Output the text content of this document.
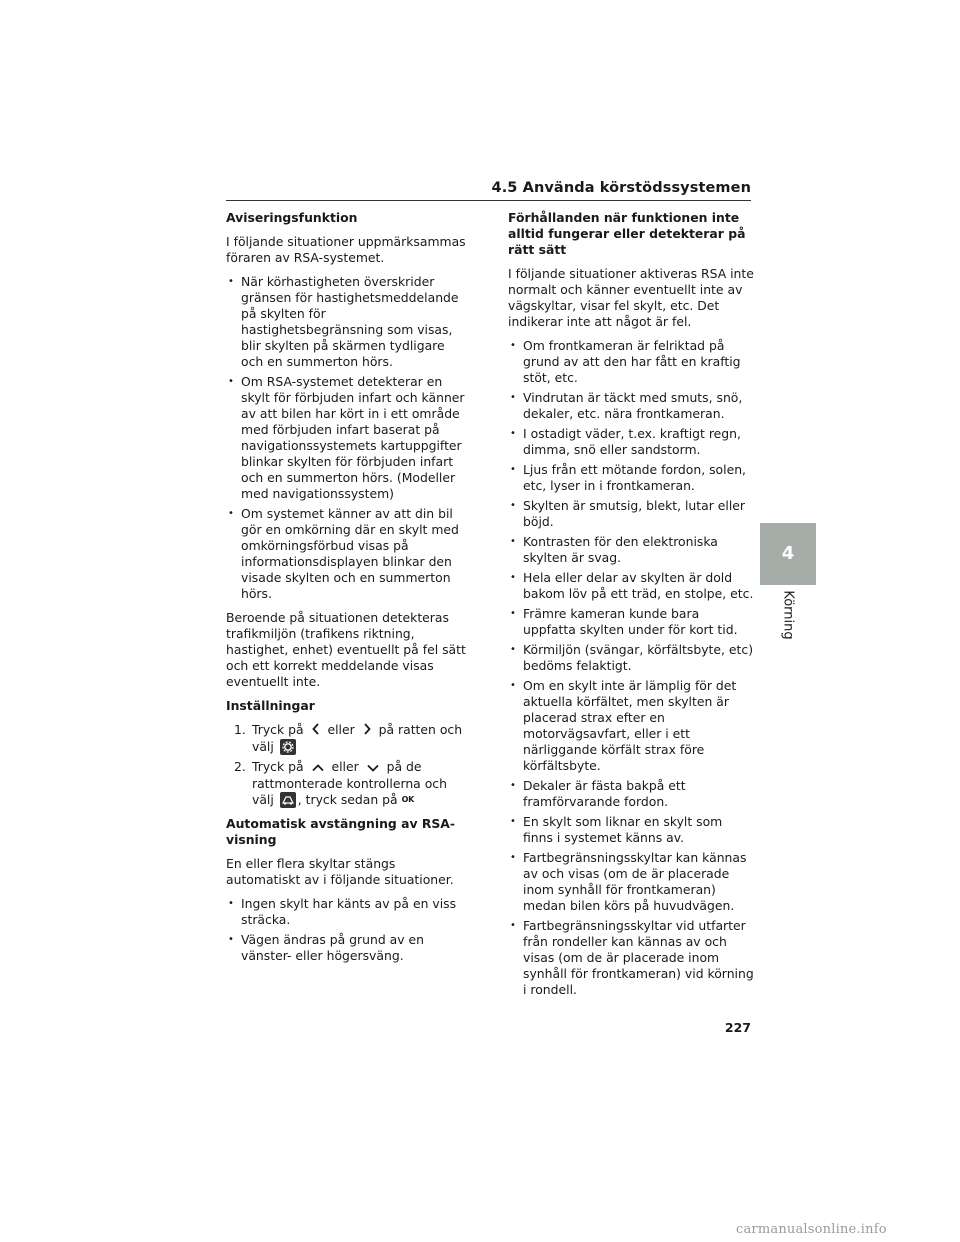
4.5 Använda körstödssystemen
Aviseringsfunktion

I följande situationer uppmärksammas föraren av RSA-systemet.

• När körhastigheten överskrider gränsen för hastighetsmeddelande på skylten för hastighetsbegränsning som visas, blir skylten på skärmen tydligare och en summerton hörs.
• Om RSA-systemet detekterar en skylt för förbjuden infart och känner av att bilen har kört in i ett område med förbjuden infart baserat på navigationssystemets kartuppgifter blinkar skylten för förbjuden infart och en summerton hörs. (Modeller med navigationssystem)
• Om systemet känner av att din bil gör en omkörning där en skylt med omkörningsförbud visas på informationsdisplayen blinkar den visade skylten och en summerton hörs.

Beroende på situationen detekteras trafikmiljön (trafikens riktning, hastighet, enhet) eventuellt på fel sätt och ett korrekt meddelande visas eventuellt inte.

Inställningar
1. Tryck på eller på ratten och välj
2. Tryck på eller på de rattmonterade kontrollerna och välj , tryck sedan på OK
Automatisk avstängning av RSA-visning

En eller flera skyltar stängs automatiskt av i följande situationer.

• Ingen skylt har känts av på en viss sträcka.
• Vägen ändras på grund av en vänster- eller högersväng.
Förhållanden när funktionen inte alltid fungerar eller detekterar på rätt sätt

I följande situationer aktiveras RSA inte normalt och känner eventuellt inte av vägskyltar, visar fel skylt, etc. Det indikerar inte att något är fel.

• Om frontkameran är felriktad på grund av att den har fått en kraftig stöt, etc.
• Vindrutan är täckt med smuts, snö, dekaler, etc. nära frontkameran.
• I ostadigt väder, t.ex. kraftigt regn, dimma, snö eller sandstorm.
• Ljus från ett mötande fordon, solen, etc, lyser in i frontkameran.
• Skylten är smutsig, blekt, lutar eller böjd.
• Kontrasten för den elektroniska skylten är svag.
• Hela eller delar av skylten är dold bakom löv på ett träd, en stolpe, etc.
• Främre kameran kunde bara uppfatta skylten under för kort tid.
• Körmiljön (svängar, körfältsbyte, etc) bedöms felaktigt.
• Om en skylt inte är lämplig för det aktuella körfältet, men skylten är placerad strax efter en motorvägsavfart, eller i ett närliggande körfält strax före körfältsbyte.
• Dekaler är fästa bakpå ett framförvarande fordon.
• En skylt som liknar en skylt som finns i systemet känns av.
• Fartbegränsningsskyltar kan kännas av och visas (om de är placerade inom synhåll för frontkameran) medan bilen körs på huvudvägen.
• Fartbegränsningsskyltar vid utfarter från rondeller kan kännas av och visas (om de är placerade inom synhåll för frontkameran) vid körning i rondell.
4
Körning
227
carmanualsonline.info
